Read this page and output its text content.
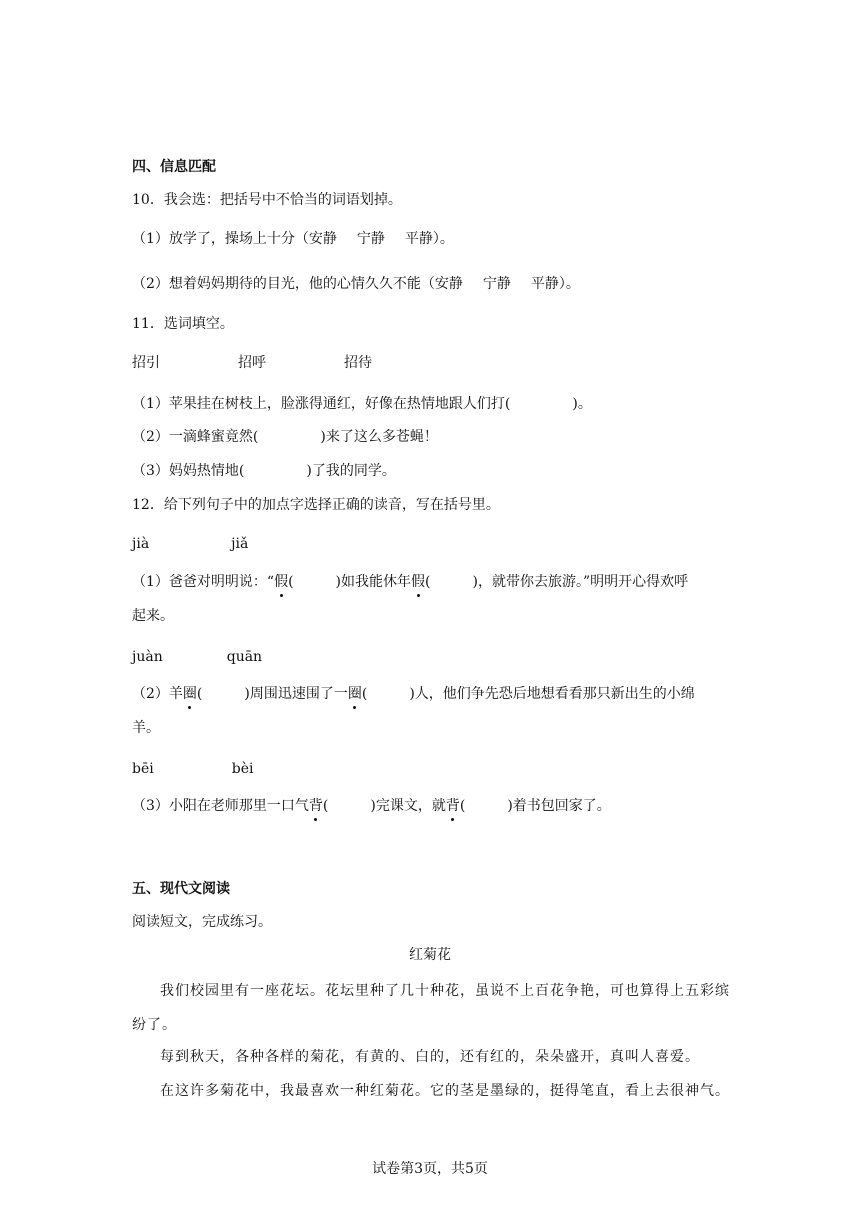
四、信息匹配
10．我会选：把括号中不恰当的词语划掉。
（1）放学了，操场上十分（安静 宁静 平静）。
（2）想着妈妈期待的目光，他的心情久久不能（安静 宁静 平静）。
11．选词填空。
招引	招呼	招待
（1）苹果挂在树枝上，脸涨得通红，好像在热情地跟人们打(	)。
（2）一滴蜂蜜竟然(	)来了这么多苍蝇！
（3）妈妈热情地(	)了我的同学。
12．给下列句子中的加点字选择正确的读音，写在括号里。
jià	jiǎ
（1）爸爸对明明说：“假(	)如我能休年假(	)，就带你去旅游。”明明开心得欢呼
起来。
juàn	quān
（2）羊圈(	)周围迅速围了一圈(	)人，他们争先恐后地想看看那只新出生的小绵
羊。
bēi	bèi
（3）小阳在老师那里一口气背(	)完课文，就背(	)着书包回家了。
五、现代文阅读
阅读短文，完成练习。
红菊花
我们校园里有一座花坛。花坛里种了几十种花，虽说不上百花争艳，可也算得上五彩缤
纷了。
每到秋天，各种各样的菊花，有黄的、白的，还有红的，朵朵盛开，真叫人喜爱。
在这许多菊花中，我最喜欢一种红菊花。它的茎是墨绿的，挺得笔直，看上去很神气。
试卷第3页，共5页
